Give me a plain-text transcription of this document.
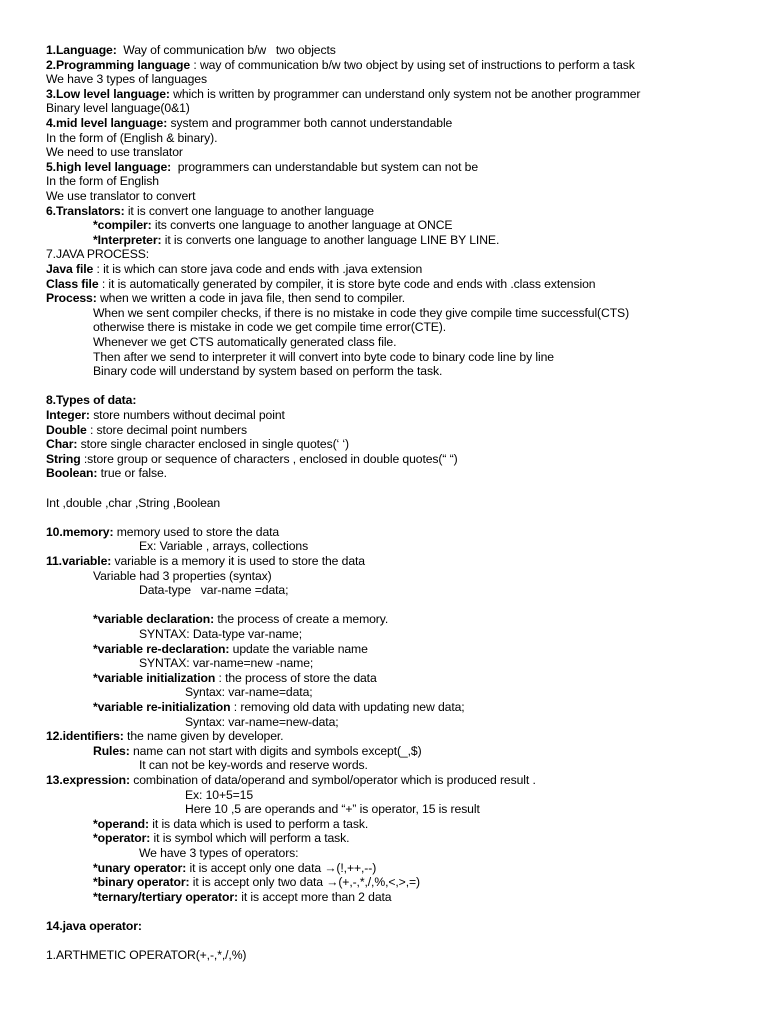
1.Language:  Way of communication b/w   two objects
2.Programming language : way of communication b/w two object by using set of instructions to perform a task
We have 3 types of languages
3.Low level language: which is written by programmer can understand only system not be another programmer
Binary level language(0&1)
4.mid level language: system and programmer both cannot understandable
In the form of (English & binary).
We need to use translator
5.high level language:  programmers can understandable but system can not be
In the form of English
We use translator to convert
6.Translators: it is convert one language to another language
*compiler: its converts one language to another language at ONCE
*Interpreter: it is converts one language to another language LINE BY LINE.
7.JAVA PROCESS:
Java file : it is which can store java code and ends with .java extension
Class file : it is automatically generated by compiler, it is store byte code and ends with .class extension
Process: when we written a code in java file, then send to compiler.
When we sent compiler checks, if there is no mistake in code they give compile time successful(CTS)
otherwise there is mistake in code we get compile time error(CTE).
Whenever we get CTS automatically generated class file.
Then after we send to interpreter it will convert into byte code to binary code line by line
Binary code will understand by system based on perform the task.
8.Types of data:
Integer: store numbers without decimal point
Double : store decimal point numbers
Char: store single character enclosed in single quotes(‘ ‘)
String :store group or sequence of characters , enclosed in double quotes(“ “)
Boolean: true or false.
Int ,double ,char ,String ,Boolean
10.memory: memory used to store the data
Ex: Variable , arrays, collections
11.variable: variable is a memory it is used to store the data
Variable had 3 properties (syntax)
Data-type   var-name =data;
*variable declaration: the process of create a memory.
SYNTAX: Data-type var-name;
*variable re-declaration: update the variable name
SYNTAX: var-name=new -name;
*variable initialization : the process of store the data
Syntax: var-name=data;
*variable re-initialization : removing old data with updating new data;
Syntax: var-name=new-data;
12.identifiers: the name given by developer.
Rules: name can not start with digits and symbols except(_,$)
It can not be key-words and reserve words.
13.expression: combination of data/operand and symbol/operator which is produced result .
Ex: 10+5=15
Here 10 ,5 are operands and “+” is operator, 15 is result
*operand: it is data which is used to perform a task.
*operator: it is symbol which will perform a task.
We have 3 types of operators:
*unary operator: it is accept only one data →(!,++,--)
*binary operator: it is accept only two data →(+,-,*,/,%,<,>,=)
*ternary/tertiary operator: it is accept more than 2 data
14.java operator:
1.ARTHMETIC OPERATOR(+,-,*,/,%)
